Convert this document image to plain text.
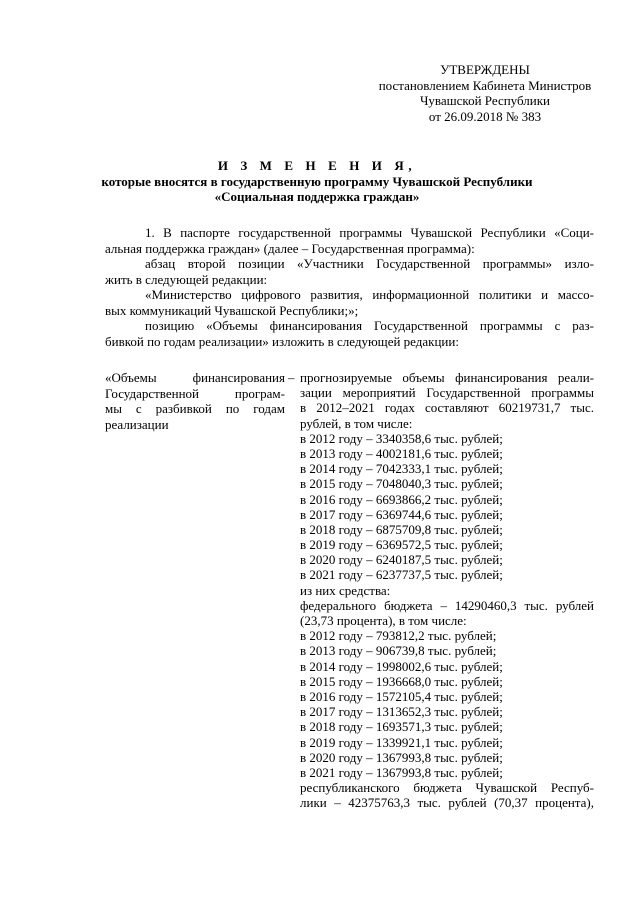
УТВЕРЖДЕНЫ
постановлением Кабинета Министров
Чувашской Республики
от 26.09.2018 № 383
И З М Е Н Е Н И Я,
которые вносятся в государственную программу Чувашской Республики
«Социальная поддержка граждан»
1. В паспорте государственной программы Чувашской Республики «Соци-
альная поддержка граждан» (далее – Государственная программа):
абзац второй позиции «Участники Государственной программы» изло-
жить в следующей редакции:
«Министерство цифрового развития, информационной политики и массо-
вых коммуникаций Чувашской Республики;»;
позицию «Объемы финансирования Государственной программы с раз-
бивкой по годам реализации» изложить в следующей редакции:
«Объемы финансирования
Государственной програм-
мы с разбивкой по годам
реализации
– прогнозируемые объемы финансирования реали-
зации мероприятий Государственной программы
в 2012–2021 годах составляют 60219731,7 тыс.
рублей, в том числе:
в 2012 году – 3340358,6 тыс. рублей;
в 2013 году – 4002181,6 тыс. рублей;
в 2014 году – 7042333,1 тыс. рублей;
в 2015 году – 7048040,3 тыс. рублей;
в 2016 году – 6693866,2 тыс. рублей;
в 2017 году – 6369744,6 тыс. рублей;
в 2018 году – 6875709,8 тыс. рублей;
в 2019 году – 6369572,5 тыс. рублей;
в 2020 году – 6240187,5 тыс. рублей;
в 2021 году – 6237737,5 тыс. рублей;
из них средства:
федерального бюджета – 14290460,3 тыс. рублей
(23,73 процента), в том числе:
в 2012 году – 793812,2 тыс. рублей;
в 2013 году – 906739,8 тыс. рублей;
в 2014 году – 1998002,6 тыс. рублей;
в 2015 году – 1936668,0 тыс. рублей;
в 2016 году – 1572105,4 тыс. рублей;
в 2017 году – 1313652,3 тыс. рублей;
в 2018 году – 1693571,3 тыс. рублей;
в 2019 году – 1339921,1 тыс. рублей;
в 2020 году – 1367993,8 тыс. рублей;
в 2021 году – 1367993,8 тыс. рублей;
республиканского бюджета Чувашской Респуб-
лики – 42375763,3 тыс. рублей (70,37 процента),
